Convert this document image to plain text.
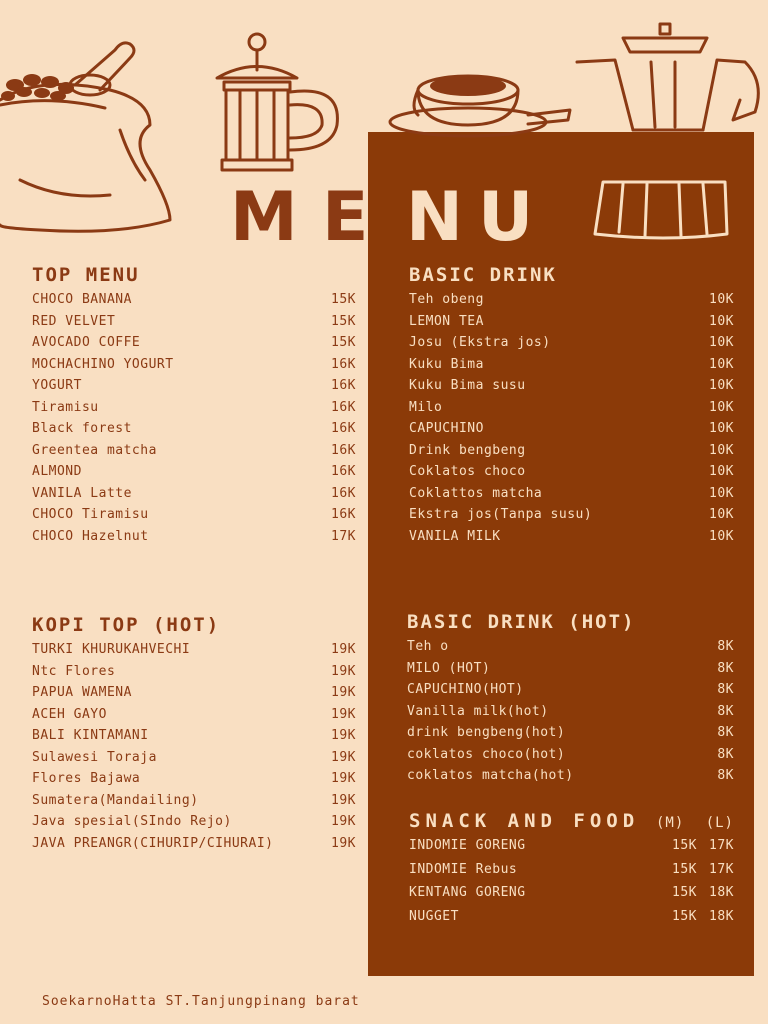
M E N U
TOP MENU
CHOCO BANANA	15K
RED VELVET	15K
AVOCADO COFFE	15K
MOCHACHINO YOGURT	16K
YOGURT	16K
Tiramisu	16K
Black forest	16K
Greentea matcha	16K
ALMOND	16K
VANILA Latte	16K
CHOCO Tiramisu	16K
CHOCO Hazelnut	17K
KOPI TOP (HOT)
TURKI KHURUKAHVECHI	19K
Ntc Flores	19K
PAPUA WAMENA	19K
ACEH GAYO	19K
BALI KINTAMANI	19K
Sulawesi Toraja	19K
Flores Bajawa	19K
Sumatera(Mandailing)	19K
Java spesial(SIndo Rejo)	19K
JAVA PREANGR(CIHURIP/CIHURAI)	19K
BASIC DRINK
Teh obeng	10K
LEMON TEA	10K
Josu (Ekstra jos)	10K
Kuku Bima	10K
Kuku Bima susu	10K
Milo	10K
CAPUCHINO	10K
Drink bengbeng	10K
Coklatos choco	10K
Coklattos matcha	10K
Ekstra jos(Tanpa susu)	10K
VANILA MILK	10K
BASIC DRINK (HOT)
Teh o	8K
MILO (HOT)	8K
CAPUCHINO(HOT)	8K
Vanilla milk(hot)	8K
drink bengbeng(hot)	8K
coklatos choco(hot)	8K
coklatos matcha(hot)	8K
SNACK AND FOOD (M) (L)
INDOMIE GORENG	15K 17K
INDOMIE Rebus	15K 17K
KENTANG GORENG	15K 18K
NUGGET	15K 18K
SoekarnoHatta ST.Tanjungpinang barat
